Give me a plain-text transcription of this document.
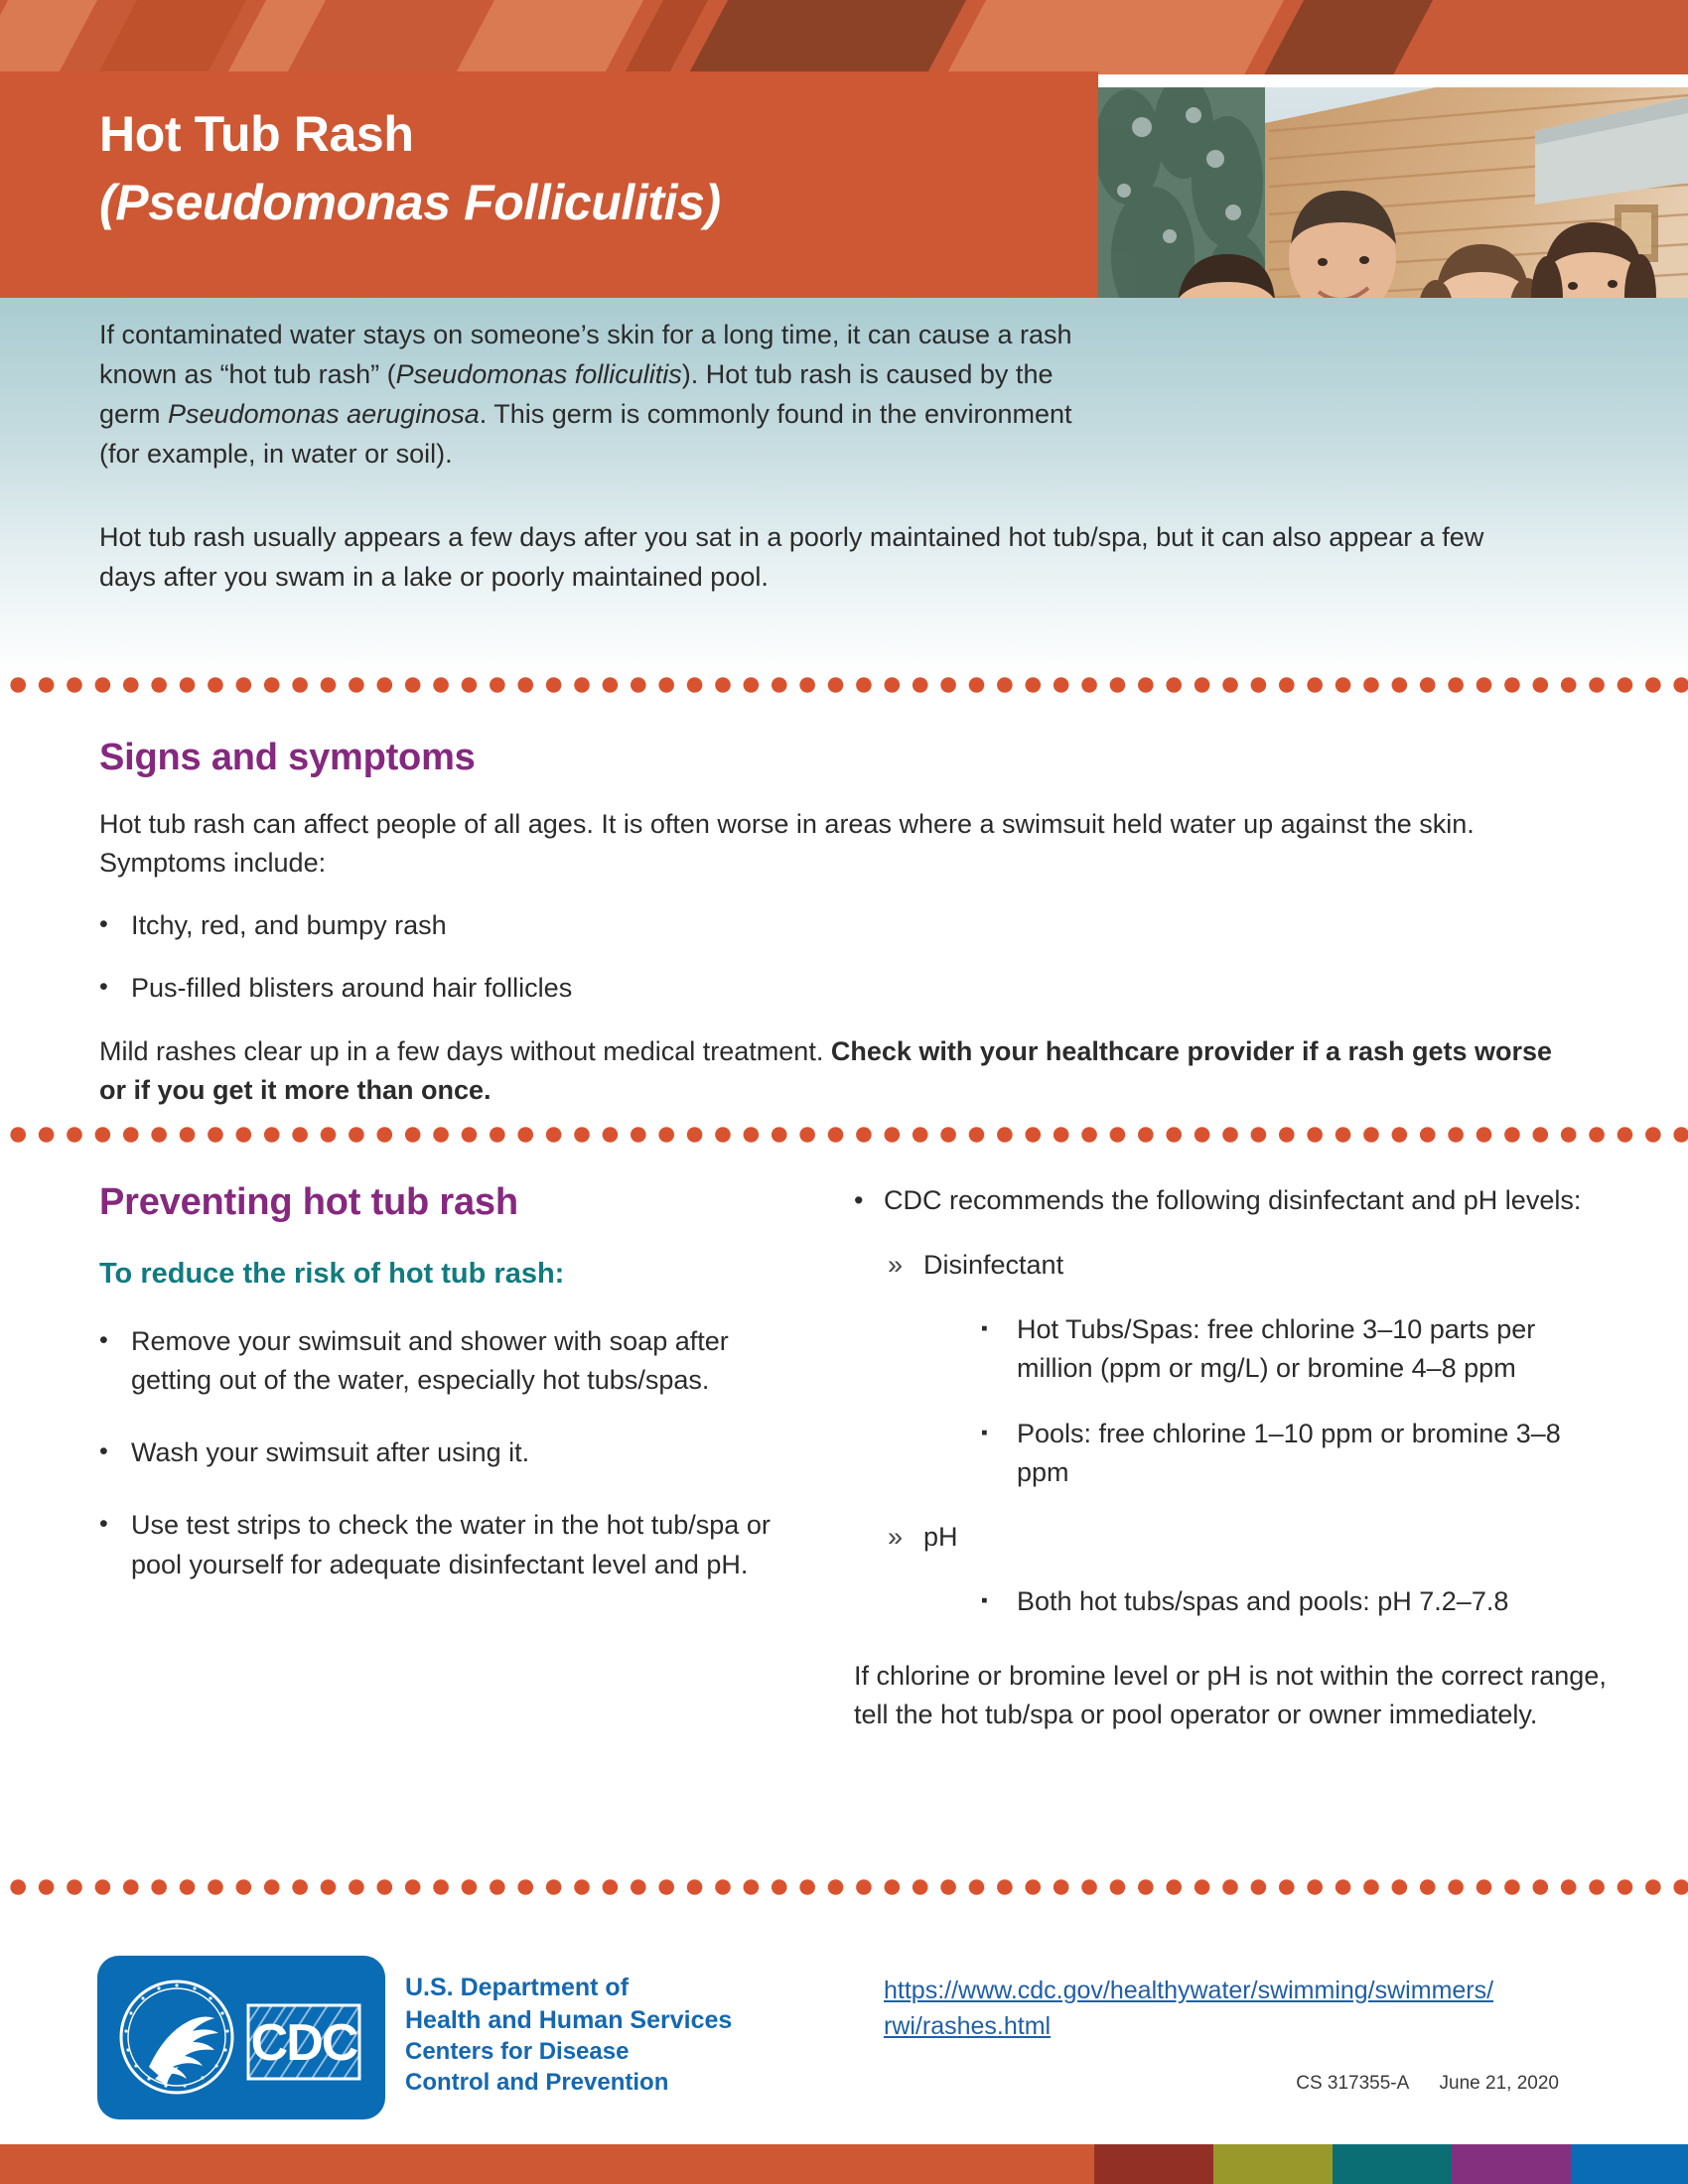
Hot Tub Rash
(Pseudomonas Folliculitis)

If contaminated water stays on someone’s skin for a long time, it can cause a rash known as “hot tub rash” (Pseudomonas folliculitis). Hot tub rash is caused by the germ Pseudomonas aeruginosa. This germ is commonly found in the environment (for example, in water or soil).

Hot tub rash usually appears a few days after you sat in a poorly maintained hot tub/spa, but it can also appear a few days after you swam in a lake or poorly maintained pool.
Signs and symptoms
Hot tub rash can affect people of all ages. It is often worse in areas where a swimsuit held water up against the skin. Symptoms include:
• Itchy, red, and bumpy rash
• Pus-filled blisters around hair follicles
Mild rashes clear up in a few days without medical treatment. Check with your healthcare provider if a rash gets worse or if you get it more than once.
Preventing hot tub rash
To reduce the risk of hot tub rash:
• Remove your swimsuit and shower with soap after getting out of the water, especially hot tubs/spas.
• Wash your swimsuit after using it.
• Use test strips to check the water in the hot tub/spa or pool yourself for adequate disinfectant level and pH.
• CDC recommends the following disinfectant and pH levels:
» Disinfectant
▪	Hot Tubs/Spas: free chlorine 3–10 parts per million (ppm or mg/L) or bromine 4–8 ppm
▪	Pools: free chlorine 1–10 ppm or bromine 3–8 ppm
» pH
▪	Both hot tubs/spas and pools: pH 7.2–7.8
If chlorine or bromine level or pH is not within the correct range, tell the hot tub/spa or pool operator or owner immediately.
CDC
U.S. Department of
Health and Human Services
Centers for Disease
Control and Prevention
https://www.cdc.gov/healthywater/swimming/swimmers/
rwi/rashes.html
CS 317355-A June 21, 2020
